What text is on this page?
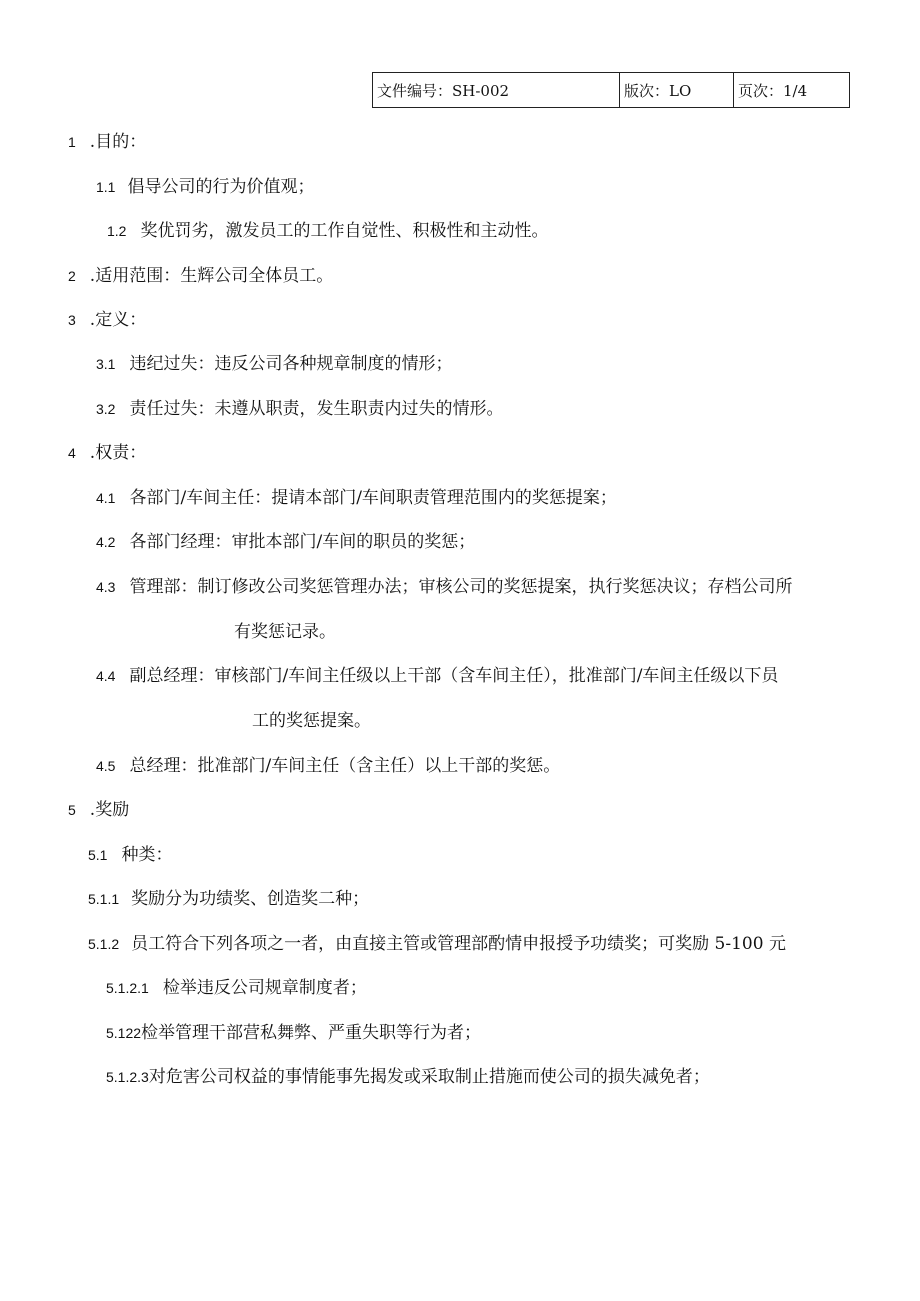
文件编号：SH-002	版次：LO	页次：1/4
1 .目的：
1.1 倡导公司的行为价值观；
1.2 奖优罚劣，激发员工的工作自觉性、积极性和主动性。
2 .适用范围：生辉公司全体员工。
3 .定义：
3.1 违纪过失：违反公司各种规章制度的情形；
3.2 责任过失：未遵从职责，发生职责内过失的情形。
4 .权责：
4.1 各部门/车间主任：提请本部门/车间职责管理范围内的奖惩提案；
4.2 各部门经理：审批本部门/车间的职员的奖惩；
4.3 管理部：制订修改公司奖惩管理办法；审核公司的奖惩提案，执行奖惩决议；存档公司所
有奖惩记录。
4.4 副总经理：审核部门/车间主任级以上干部（含车间主任），批准部门/车间主任级以下员
工的奖惩提案。
4.5 总经理：批准部门/车间主任（含主任）以上干部的奖惩。
5 .奖励
5.1 种类：
5.1.1 奖励分为功绩奖、创造奖二种；
5.1.2 员工符合下列各项之一者，由直接主管或管理部酌情申报授予功绩奖；可奖励 5-100 元
5.1.2.1 检举违反公司规章制度者；
5.122检举管理干部营私舞弊、严重失职等行为者；
5.1.2.3对危害公司权益的事情能事先揭发或采取制止措施而使公司的损失减免者；
